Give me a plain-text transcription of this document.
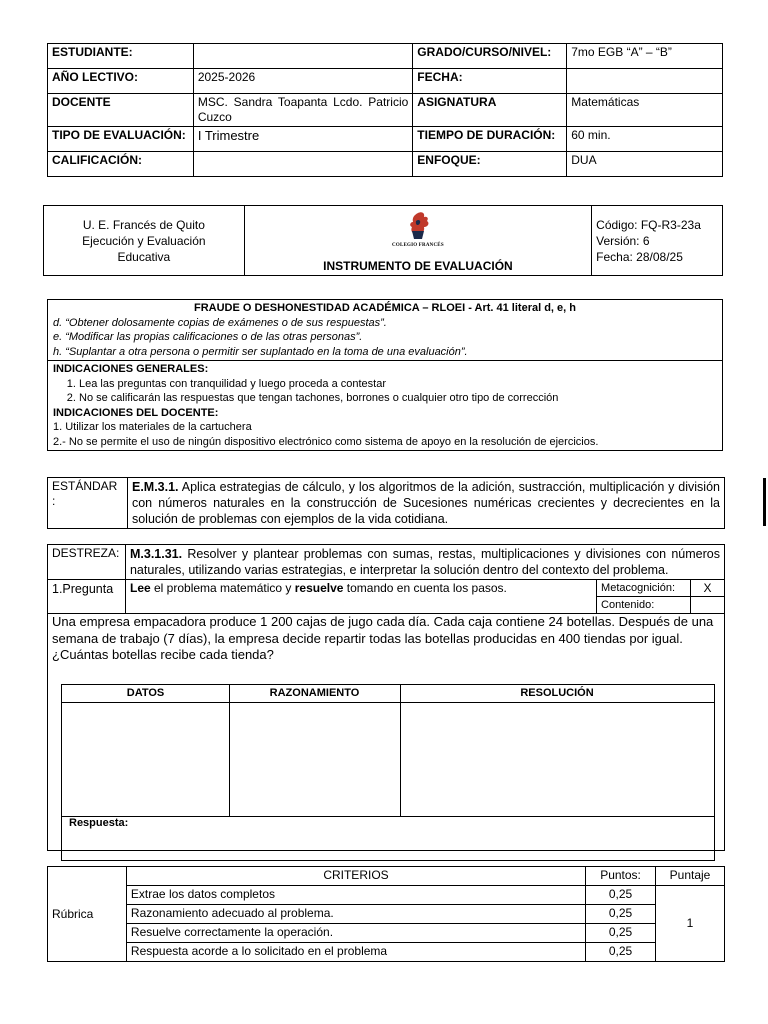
ESTUDIANTE:		GRADO/CURSO/NIVEL:	7mo EGB “A” – “B”
AÑO LECTIVO:	2025-2026	FECHA:	
DOCENTE	MSC. Sandra Toapanta Lcdo. Patricio Cuzco	ASIGNATURA	Matemáticas
TIPO DE EVALUACIÓN:	I Trimestre	TIEMPO DE DURACIÓN:	60 min.
CALIFICACIÓN:		ENFOQUE:	DUA
U. E. Francés de Quito
Ejecución y Evaluación
Educativa

COLEGIO FRANCÉS
INSTRUMENTO DE EVALUACIÓN

Código: FQ-R3-23a
Versión: 6
Fecha: 28/08/25
FRAUDE O DESHONESTIDAD ACADÉMICA – RLOEI - Art. 41 literal d, e, h
d. “Obtener dolosamente copias de exámenes o de sus respuestas”.
e. “Modificar las propias calificaciones o de las otras personas”.
h. “Suplantar a otra persona o permitir ser suplantado en la toma de una evaluación”.

INDICACIONES GENERALES:
1. Lea las preguntas con tranquilidad y luego proceda a contestar
2. No se calificarán las respuestas que tengan tachones, borrones o cualquier otro tipo de corrección
INDICACIONES DEL DOCENTE:
1. Utilizar los materiales de la cartuchera
2.- No se permite el uso de ningún dispositivo electrónico como sistema de apoyo en la resolución de ejercicios.
ESTÁNDAR :	E.M.3.1. Aplica estrategias de cálculo, y los algoritmos de la adición, sustracción, multiplicación y división con números naturales en la construcción de Sucesiones numéricas crecientes y decrecientes en la solución de problemas con ejemplos de la vida cotidiana.
DESTREZA:	M.3.1.31. Resolver y plantear problemas con sumas, restas, multiplicaciones y divisiones con números naturales, utilizando varias estrategias, e interpretar la solución dentro del contexto del problema.		
1.Pregunta	Lee el problema matemático y resuelve tomando en cuenta los pasos.	Metacognición:	X
		Contenido:	

Una empresa empacadora produce 1 200 cajas de jugo cada día. Cada caja contiene 24 botellas. Después de una semana de trabajo (7 días), la empresa decide repartir todas las botellas producidas en 400 tiendas por igual. ¿Cuántas botellas recibe cada tienda?			
DATOS	RAZONAMIENTO	RESOLUCIÓN
Respuesta:
Rúbrica	CRITERIOS	Puntos:	Puntaje
	Extrae los datos completos	0,25	1
	Razonamiento adecuado al problema.	0,25	
	Resuelve correctamente la operación.	0,25	
	Respuesta acorde a lo solicitado en el problema	0,25	
